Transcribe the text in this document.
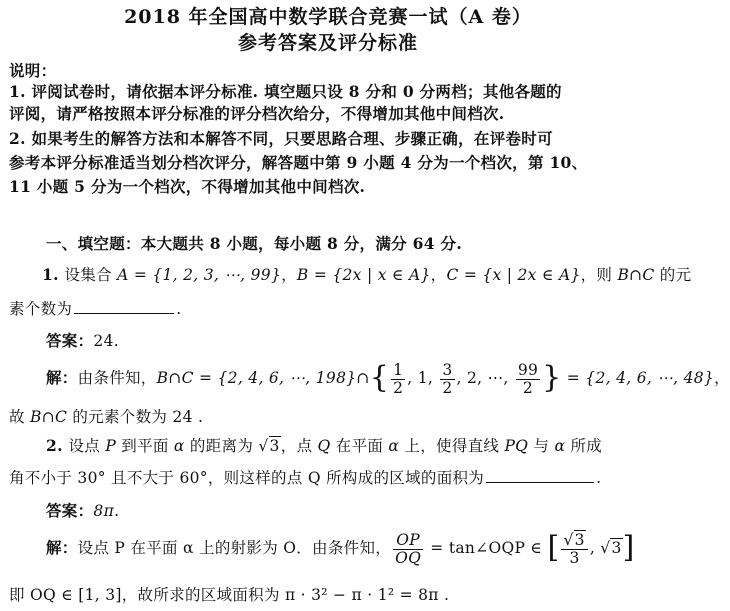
2018 年全国高中数学联合竞赛一试（A 卷）
参考答案及评分标准
说明：
1. 评阅试卷时，请依据本评分标准. 填空题只设 8 分和 0 分两档；其他各题的
评阅，请严格按照本评分标准的评分档次给分，不得增加其他中间档次.
2. 如果考生的解答方法和本解答不同，只要思路合理、步骤正确，在评卷时可
参考本评分标准适当划分档次评分，解答题中第 9 小题 4 分为一个档次，第 10、
11 小题 5 分为一个档次，不得增加其他中间档次.
一、填空题：本大题共 8 小题，每小题 8 分，满分 64 分.
1. 设集合 A = {1, 2, 3, ⋯, 99}，B = {2x | x ∈ A}，C = {x | 2x ∈ A}，则 B∩C 的元
素个数为	.
答案：24.
解：由条件知，B∩C = {2, 4, 6, ⋯, 198}∩{ $\frac{1}{2}$ , 1, $\frac{3}{2}$ , 2, ⋯, $\frac{99}{2}$ } = {2, 4, 6, ⋯, 48}，
故 B∩C 的元素个数为 24 .
2. 设点 P 到平面 α 的距离为 √3，点 Q 在平面 α 上，使得直线 PQ 与 α 所成
角不小于 30° 且不大于 60°，则这样的点 Q 所构成的区域的面积为	.
答案：8π.
解：设点 P 在平面 α 上的射影为 O．由条件知， $\frac{OP}{OQ}$ = tan∠OQP ∈ [ $\frac{√3}{3}$ , √3]
即 OQ ∈ [1, 3]，故所求的区域面积为 π · 3² − π · 1² = 8π .
